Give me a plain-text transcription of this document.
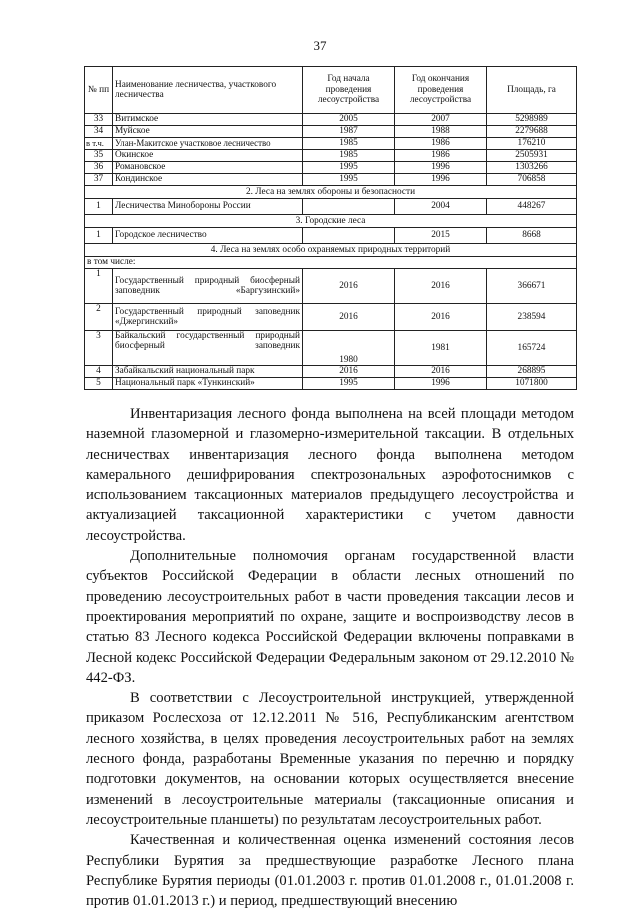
37
№ пп	Наименование лесничества, участкового лесничества	Год начала проведения лесоустройства	Год окончания проведения лесоустройства	Площадь, га
33	Витимское	2005	2007	5298989
34	Муйское	1987	1988	2279688
в т.ч.	Улан-Макитское участковое лесничество	1985	1986	176210
35	Окинское	1985	1986	2505931
36	Романовское	1995	1996	1303266
37	Кондинское	1995	1996	706858
2. Леса на землях обороны и безопасности				
1	Лесничества Минобороны России		2004	448267
3. Городские леса				
1	Городское лесничество		2015	8668
4. Леса на землях особо охраняемых природных территорий				
в том числе:				
1	Государственный природный биосферный заповедник «Баргузинский»	2016	2016	366671
2	Государственный природный заповедник «Джергинский»	2016	2016	238594
3	Байкальский государственный природный биосферный заповедник	1980	1981	165724
4	Забайкальский национальный парк	2016	2016	268895
5	Национальный парк «Тункинский»	1995	1996	1071800

Инвентаризация лесного фонда выполнена на всей площади методом наземной глазомерной и глазомерно-измерительной таксации. В отдельных лесничествах инвентаризация лесного фонда выполнена методом камерального дешифрирования спектрозональных аэрофотоснимков с использованием таксационных материалов предыдущего лесоустройства и актуализацией таксационной характеристики с учетом давности лесоустройства.

Дополнительные полномочия органам государственной власти субъектов Российской Федерации в области лесных отношений по проведению лесоустроительных работ в части проведения таксации лесов и проектирования мероприятий по охране, защите и воспроизводству лесов в статью 83 Лесного кодекса Российской Федерации включены поправками в Лесной кодекс Российской Федерации Федеральным законом от 29.12.2010 № 442-ФЗ.

В соответствии с Лесоустроительной инструкцией, утвержденной приказом Рослесхоза от 12.12.2011 № 516, Республиканским агентством лесного хозяйства, в целях проведения лесоустроительных работ на землях лесного фонда, разработаны Временные указания по перечню и порядку подготовки документов, на основании которых осуществляется внесение изменений в лесоустроительные материалы (таксационные описания и лесоустроительные планшеты) по результатам лесоустроительных работ.

Качественная и количественная оценка изменений состояния лесов Республики Бурятия за предшествующие разработке Лесного плана Республике Бурятия периоды (01.01.2003 г. против 01.01.2008 г., 01.01.2008 г. против 01.01.2013 г.) и период, предшествующий внесению
